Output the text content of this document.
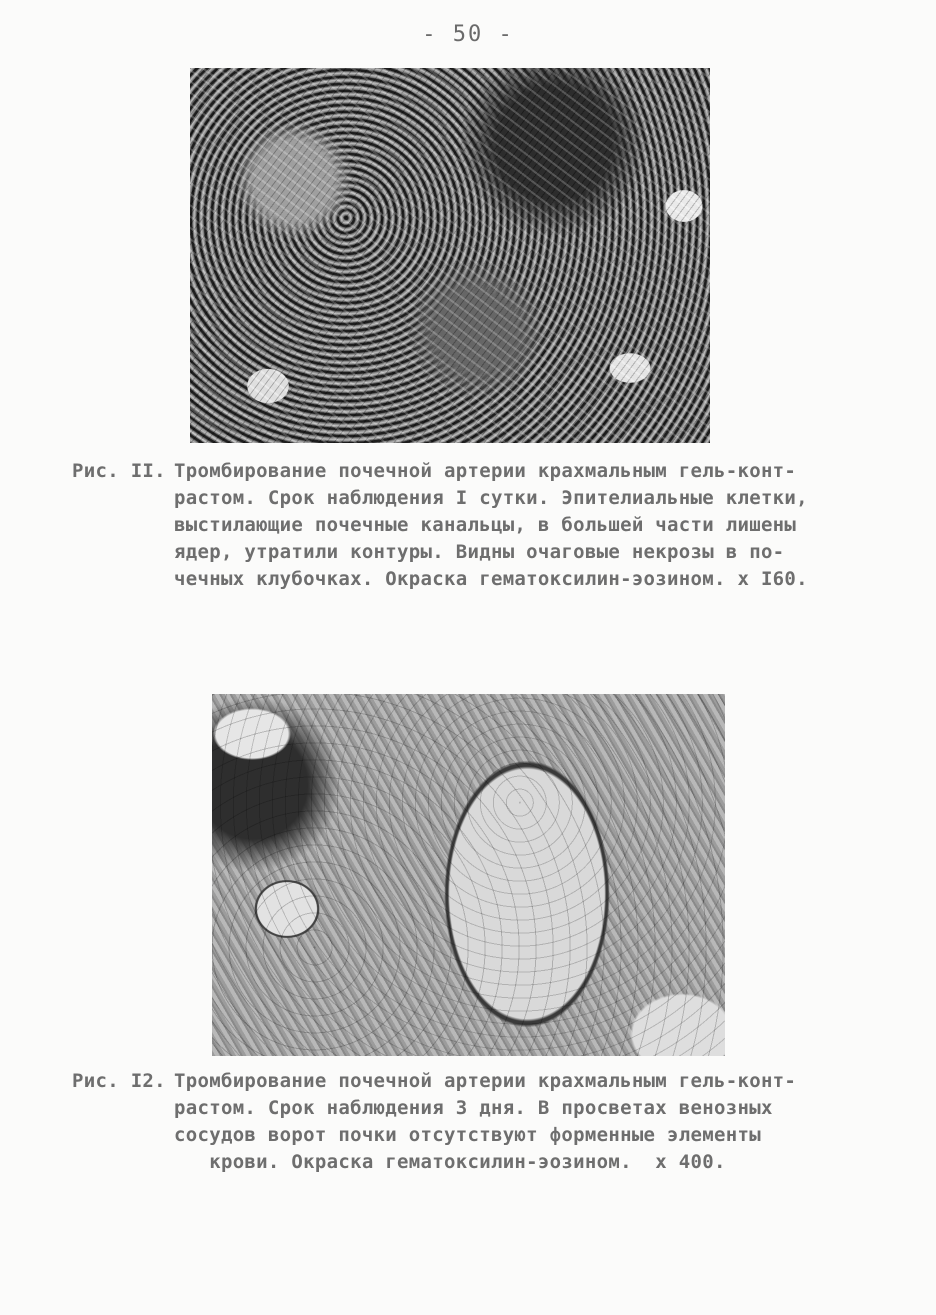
- 50 -
Рис. II. Тромбирование почечной артерии крахмальным гель-конт-
растом. Срок наблюдения I сутки. Эпителиальные клетки,
выстилающие почечные канальцы, в большей части лишены
ядер, утратили контуры. Видны очаговые некрозы в по-
чечных клубочках. Окраска гематоксилин-эозином. x I60.
Рис. I2. Тромбирование почечной артерии крахмальным гель-конт-
растом. Срок наблюдения 3 дня. В просветах венозных
сосудов ворот почки отсутствуют форменные элементы
крови. Окраска гематоксилин-эозином.  x 400.
